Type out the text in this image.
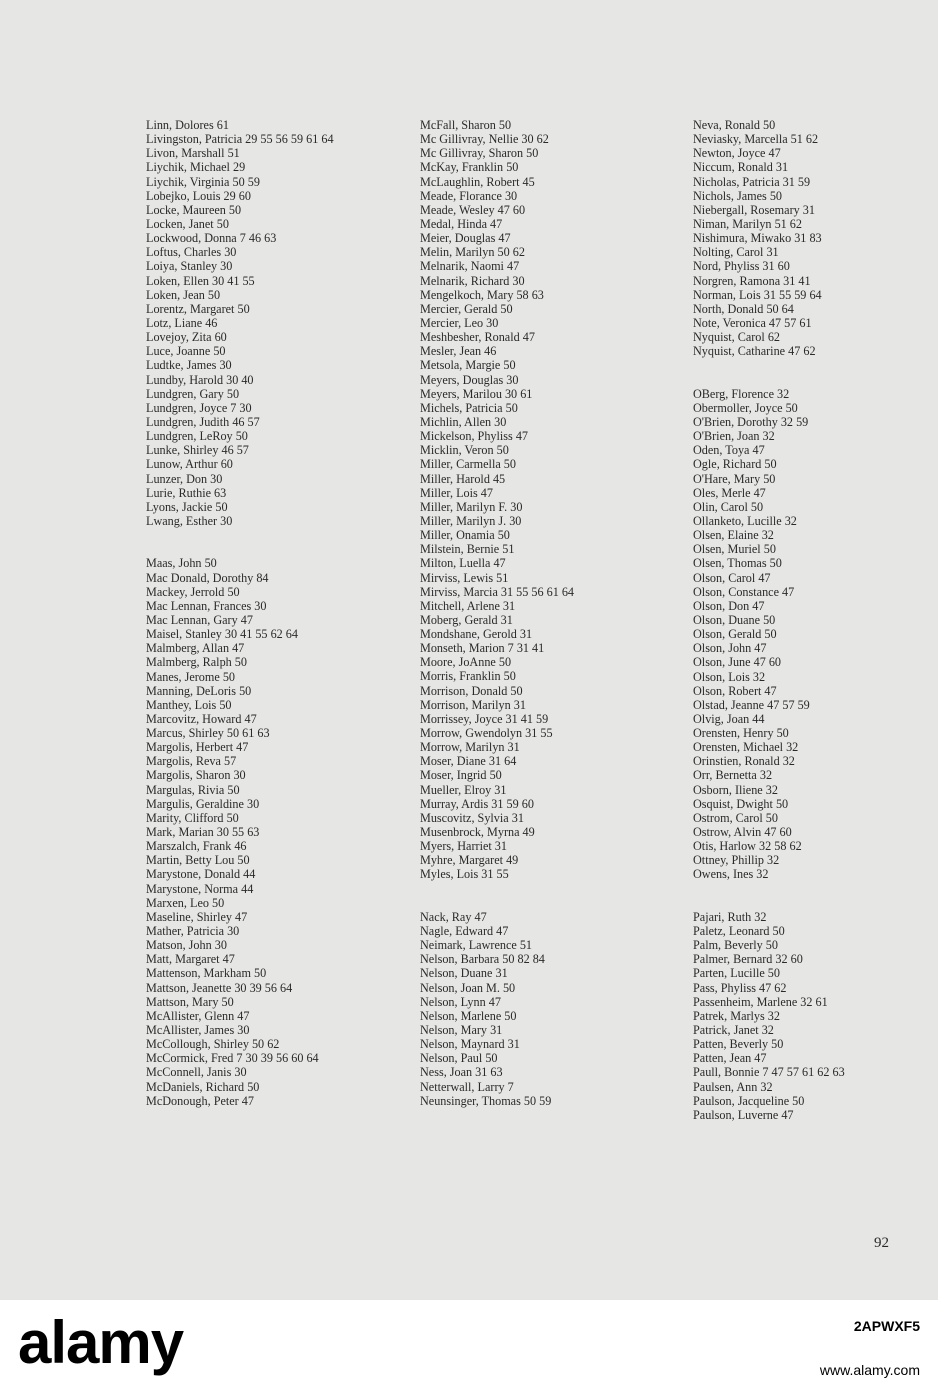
Linn, Dolores 61
Livingston, Patricia 29 55 56 59 61 64
Livon, Marshall 51
Liychik, Michael 29
Liychik, Virginia 50 59
Lobejko, Louis 29 60
Locke, Maureen 50
Locken, Janet 50
Lockwood, Donna 7 46 63
Loftus, Charles 30
Loiya, Stanley 30
Loken, Ellen 30 41 55
Loken, Jean 50
Lorentz, Margaret 50
Lotz, Liane 46
Lovejoy, Zita 60
Luce, Joanne 50
Ludtke, James 30
Lundby, Harold 30 40
Lundgren, Gary 50
Lundgren, Joyce 7 30
Lundgren, Judith 46 57
Lundgren, LeRoy 50
Lunke, Shirley 46 57
Lunow, Arthur 60
Lunzer, Don 30
Lurie, Ruthie 63
Lyons, Jackie 50
Lwang, Esther 30
Maas, John 50
Mac Donald, Dorothy 84
Mackey, Jerrold 50
Mac Lennan, Frances 30
Mac Lennan, Gary 47
Maisel, Stanley 30 41 55 62 64
Malmberg, Allan 47
Malmberg, Ralph 50
Manes, Jerome 50
Manning, DeLoris 50
Manthey, Lois 50
Marcovitz, Howard 47
Marcus, Shirley 50 61 63
Margolis, Herbert 47
Margolis, Reva 57
Margolis, Sharon 30
Margulas, Rivia 50
Margulis, Geraldine 30
Marity, Clifford 50
Mark, Marian 30 55 63
Marszalch, Frank 46
Martin, Betty Lou 50
Marystone, Donald 44
Marystone, Norma 44
Marxen, Leo 50
Maseline, Shirley 47
Mather, Patricia 30
Matson, John 30
Matt, Margaret 47
Mattenson, Markham 50
Mattson, Jeanette 30 39 56 64
Mattson, Mary 50
McAllister, Glenn 47
McAllister, James 30
McCollough, Shirley 50 62
McCormick, Fred 7 30 39 56 60 64
McConnell, Janis 30
McDaniels, Richard 50
McDonough, Peter 47
McFall, Sharon 50
Mc Gillivray, Nellie 30 62
Mc Gillivray, Sharon 50
McKay, Franklin 50
McLaughlin, Robert 45
Meade, Florance 30
Meade, Wesley 47 60
Medal, Hinda 47
Meier, Douglas 47
Melin, Marilyn 50 62
Melnarik, Naomi 47
Melnarik, Richard 30
Mengelkoch, Mary 58 63
Mercier, Gerald 50
Mercier, Leo 30
Meshbesher, Ronald 47
Mesler, Jean 46
Metsola, Margie 50
Meyers, Douglas 30
Meyers, Marilou 30 61
Michels, Patricia 50
Michlin, Allen 30
Mickelson, Phyliss 47
Micklin, Veron 50
Miller, Carmella 50
Miller, Harold 45
Miller, Lois 47
Miller, Marilyn F. 30
Miller, Marilyn J. 30
Miller, Onamia 50
Milstein, Bernie 51
Milton, Luella 47
Mirviss, Lewis 51
Mirviss, Marcia 31 55 56 61 64
Mitchell, Arlene 31
Moberg, Gerald 31
Mondshane, Gerold 31
Monseth, Marion 7 31 41
Moore, JoAnne 50
Morris, Franklin 50
Morrison, Donald 50
Morrison, Marilyn 31
Morrissey, Joyce 31 41 59
Morrow, Gwendolyn 31 55
Morrow, Marilyn 31
Moser, Diane 31 64
Moser, Ingrid 50
Mueller, Elroy 31
Murray, Ardis 31 59 60
Muscovitz, Sylvia 31
Musenbrock, Myrna 49
Myers, Harriet 31
Myhre, Margaret 49
Myles, Lois 31 55
Nack, Ray 47
Nagle, Edward 47
Neimark, Lawrence 51
Nelson, Barbara 50 82 84
Nelson, Duane 31
Nelson, Joan M. 50
Nelson, Lynn 47
Nelson, Marlene 50
Nelson, Mary 31
Nelson, Maynard 31
Nelson, Paul 50
Ness, Joan 31 63
Netterwall, Larry 7
Neunsinger, Thomas 50 59
Neva, Ronald 50
Neviasky, Marcella 51 62
Newton, Joyce 47
Niccum, Ronald 31
Nicholas, Patricia 31 59
Nichols, James 50
Niebergall, Rosemary 31
Niman, Marilyn 51 62
Nishimura, Miwako 31 83
Nolting, Carol 31
Nord, Phyliss 31 60
Norgren, Ramona 31 41
Norman, Lois 31 55 59 64
North, Donald 50 64
Note, Veronica 47 57 61
Nyquist, Carol 62
Nyquist, Catharine 47 62
OBerg, Florence 32
Obermoller, Joyce 50
O'Brien, Dorothy 32 59
O'Brien, Joan 32
Oden, Toya 47
Ogle, Richard 50
O'Hare, Mary 50
Oles, Merle 47
Olin, Carol 50
Ollanketo, Lucille 32
Olsen, Elaine 32
Olsen, Muriel 50
Olsen, Thomas 50
Olson, Carol 47
Olson, Constance 47
Olson, Don 47
Olson, Duane 50
Olson, Gerald 50
Olson, John 47
Olson, June 47 60
Olson, Lois 32
Olson, Robert 47
Olstad, Jeanne 47 57 59
Olvig, Joan 44
Orensten, Henry 50
Orensten, Michael 32
Orinstien, Ronald 32
Orr, Bernetta 32
Osborn, Iliene 32
Osquist, Dwight 50
Ostrom, Carol 50
Ostrow, Alvin 47 60
Otis, Harlow 32 58 62
Ottney, Phillip 32
Owens, Ines 32
Pajari, Ruth 32
Paletz, Leonard 50
Palm, Beverly 50
Palmer, Bernard 32 60
Parten, Lucille 50
Pass, Phyliss 47 62
Passenheim, Marlene 32 61
Patrek, Marlys 32
Patrick, Janet 32
Patten, Beverly 50
Patten, Jean 47
Paull, Bonnie 7 47 57 61 62 63
Paulsen, Ann 32
Paulson, Jacqueline 50
Paulson, Luverne 47
92
alamy	2APWXF5
www.alamy.com
